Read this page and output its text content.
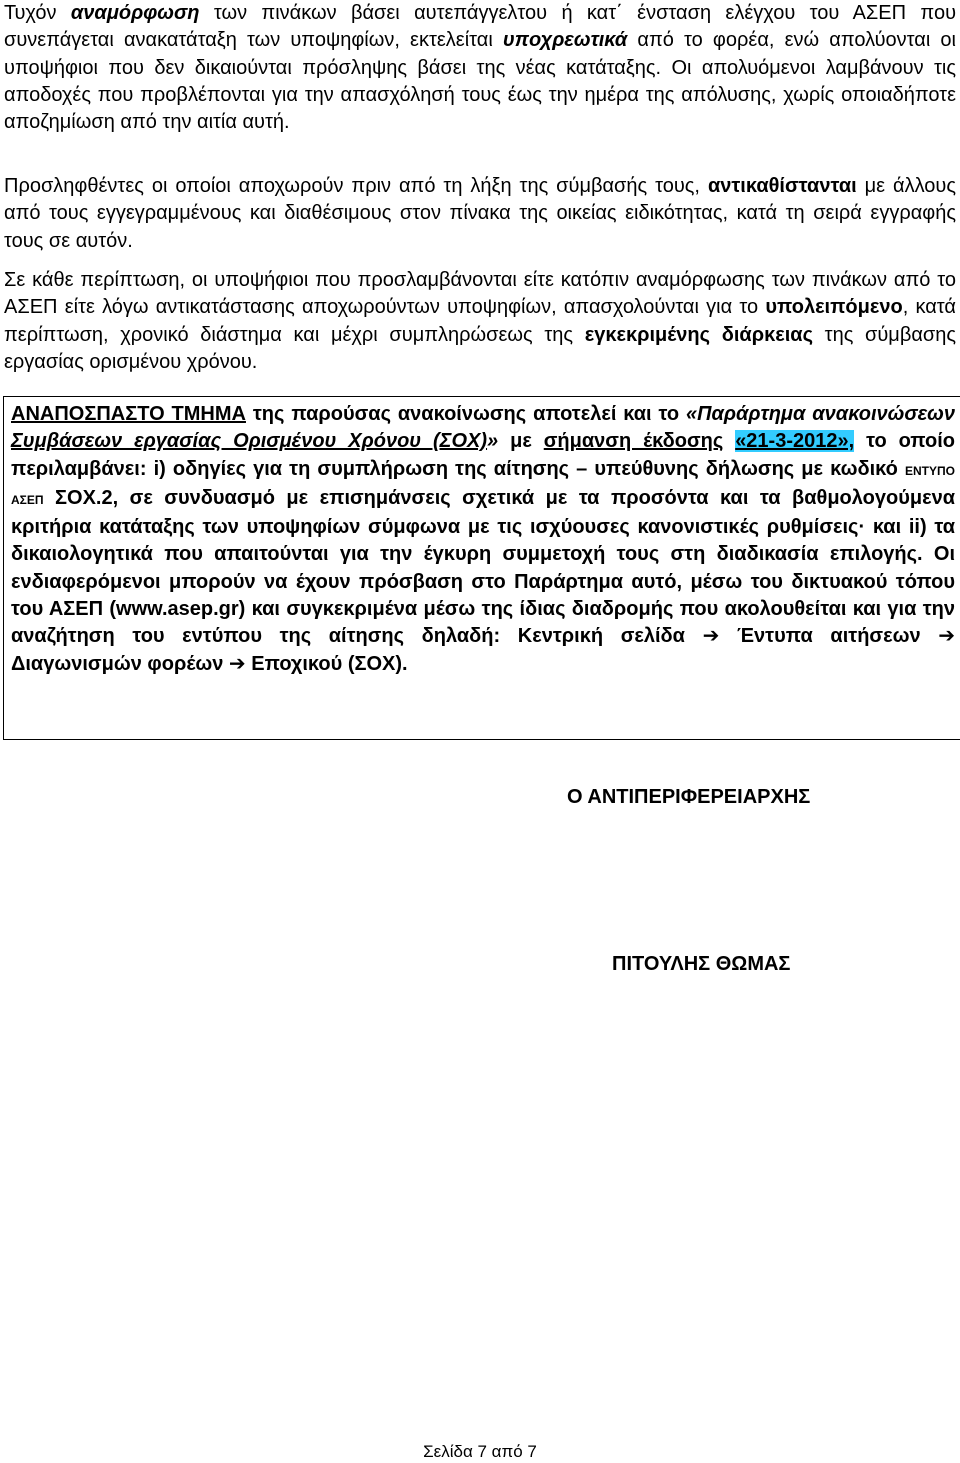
Τυχόν αναμόρφωση των πινάκων βάσει αυτεπάγγελτου ή κατ΄ ένσταση ελέγχου του ΑΣΕΠ που συνεπάγεται ανακατάταξη των υποψηφίων, εκτελείται υποχρεωτικά από το φορέα, ενώ απολύονται οι υποψήφιοι που δεν δικαιούνται πρόσληψης βάσει της νέας κατάταξης. Οι απολυόμενοι λαμβάνουν τις αποδοχές που προβλέπονται για την απασχόλησή τους έως την ημέρα της απόλυσης, χωρίς οποιαδήποτε αποζημίωση από την αιτία αυτή.

Προσληφθέντες οι οποίοι αποχωρούν πριν από τη λήξη της σύμβασής τους, αντικαθίστανται με άλλους από τους εγγεγραμμένους και διαθέσιμους στον πίνακα της οικείας ειδικότητας, κατά τη σειρά εγγραφής τους σε αυτόν.

Σε κάθε περίπτωση, οι υποψήφιοι που προσλαμβάνονται είτε κατόπιν αναμόρφωσης των πινάκων από το ΑΣΕΠ είτε λόγω αντικατάστασης αποχωρούντων υποψηφίων, απασχολούνται για το υπολειπόμενο, κατά περίπτωση, χρονικό διάστημα και μέχρι συμπληρώσεως της εγκεκριμένης διάρκειας της σύμβασης εργασίας ορισμένου χρόνου.

ΑΝΑΠΟΣΠΑΣΤΟ ΤΜΗΜΑ της παρούσας ανακοίνωσης αποτελεί και το «Παράρτημα ανακοινώσεων Συμβάσεων εργασίας Ορισμένου Χρόνου (ΣΟΧ)» με σήμανση έκδοσης «21-3-2012», το οποίο περιλαμβάνει: i) οδηγίες για τη συμπλήρωση της αίτησης – υπεύθυνης δήλωσης με κωδικό ΕΝΤΥΠΟ ΑΣΕΠ ΣΟΧ.2, σε συνδυασμό με επισημάνσεις σχετικά με τα προσόντα και τα βαθμολογούμενα κριτήρια κατάταξης των υποψηφίων σύμφωνα με τις ισχύουσες κανονιστικές ρυθμίσεις· και ii) τα δικαιολογητικά που απαιτούνται για την έγκυρη συμμετοχή τους στη διαδικασία επιλογής. Οι ενδιαφερόμενοι μπορούν να έχουν πρόσβαση στο Παράρτημα αυτό, μέσω του δικτυακού τόπου του ΑΣΕΠ (www.asep.gr) και συγκεκριμένα μέσω της ίδιας διαδρομής που ακολουθείται και για την αναζήτηση του εντύπου της αίτησης δηλαδή: Κεντρική σελίδα ➔ Έντυπα αιτήσεων ➔ Διαγωνισμών φορέων ➔ Εποχικού (ΣΟΧ).

Ο ΑΝΤΙΠΕΡΙΦΕΡΕΙΑΡΧΗΣ

ΠΙΤΟΥΛΗΣ ΘΩΜΑΣ

Σελίδα 7 από 7
